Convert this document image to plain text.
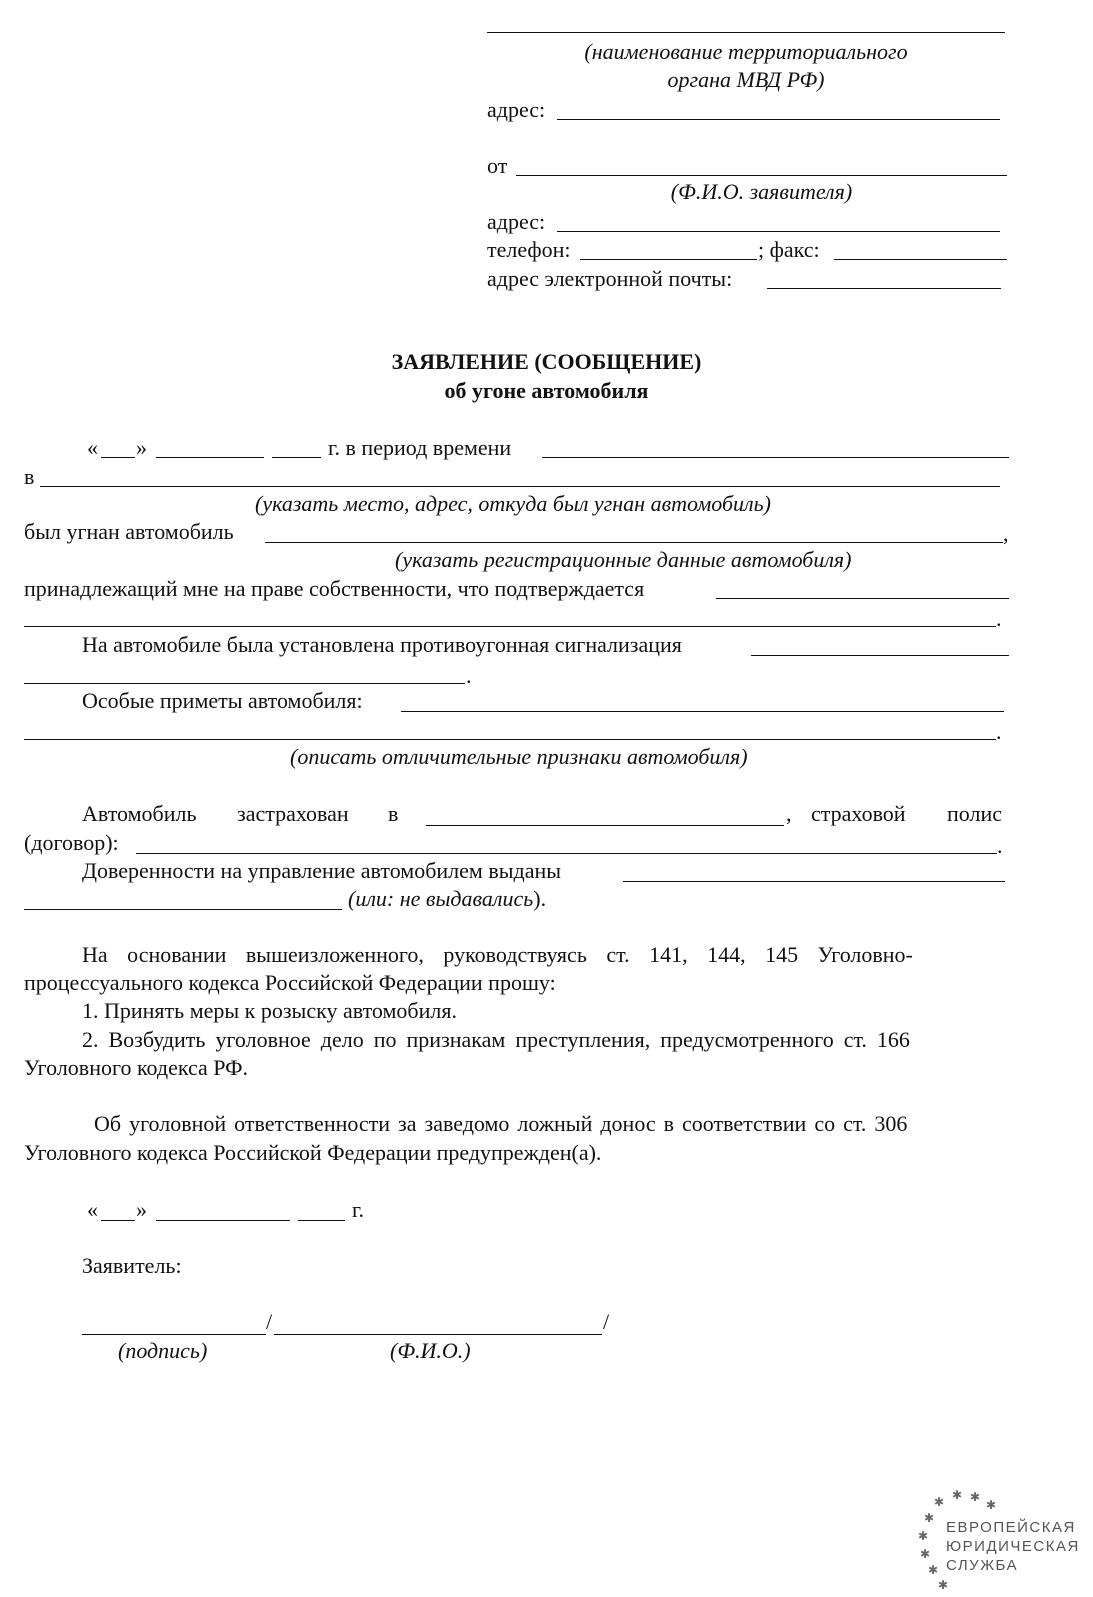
(наименование территориального
органа МВД РФ)
адрес:
от
(Ф.И.О. заявителя)
адрес:
телефон:	; факс:
адрес электронной почты:
ЗАЯВЛЕНИЕ (СООБЩЕНИЕ)
об угоне автомобиля
« »	г. в период времени
в
(указать место, адрес, откуда был угнан автомобиль)
был угнан автомобиль	,
(указать регистрационные данные автомобиля)
принадлежащий мне на праве собственности, что подтверждается
.
На автомобиле была установлена противоугонная сигнализация
.
Особые приметы автомобиля:
.
(описать отличительные признаки автомобиля)
Автомобиль застрахован в	, страховой полис
(договор):	.
Доверенности на управление автомобилем выданы
(или: не выдавались).
На основании вышеизложенного, руководствуясь ст. 141, 144, 145 Уголовно-
процессуального кодекса Российской Федерации прошу:
1. Принять меры к розыску автомобиля.
2. Возбудить уголовное дело по признакам преступления, предусмотренного ст. 166
Уголовного кодекса РФ.
Об уголовной ответственности за заведомо ложный донос в соответствии со ст. 306
Уголовного кодекса Российской Федерации предупрежден(а).
« »	г.
Заявитель:
/	/
(подпись)	(Ф.И.О.)
✱ ✱ ✱
✱
✱
✱
✱
✱
✱
ЕВРОПЕЙСКАЯ
ЮРИДИЧЕСКАЯ
СЛУЖБА
